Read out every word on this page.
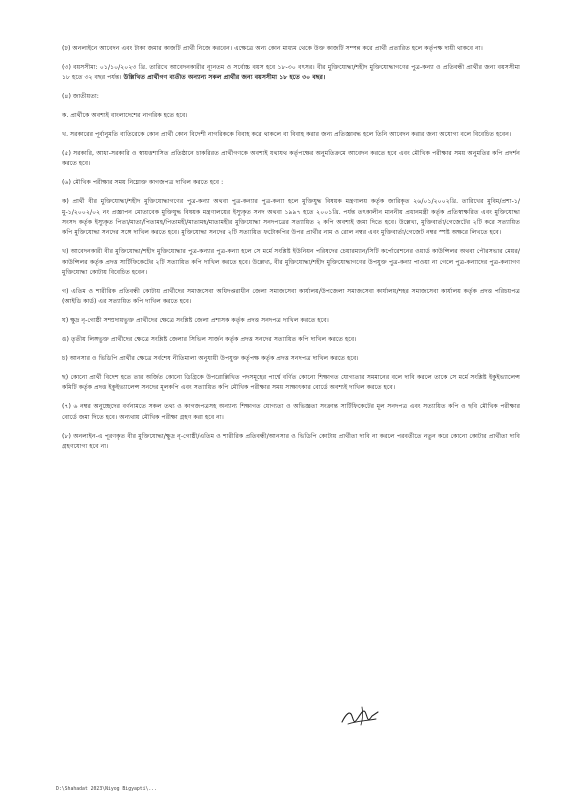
(ঢ) অনলাইনে আবেদন এবং টাকা জমার কাজটি প্রার্থী নিজে করবেন। এক্ষেত্রে অন্য কোন মাধ্যম থেকে উক্ত কাজটি সম্পন্ন করে প্রার্থী প্রতারিত হলে কর্তৃপক্ষ দায়ী থাকবে না।

(৩) বয়সসীমা: ০১/১০/২০২৩ খ্রি. তারিখে আবেদনকারীর ন্যূনতম ও সর্বোচ্চ বয়স হবে ১৮-৩০ বৎসর। বীর মুক্তিযোদ্ধা/শহীদ মুক্তিযোদ্ধাগণের পুত্র-কন্যা ও প্রতিবন্ধী প্রার্থীর জন্য বয়সসীমা ১৮ হতে ৩২ বছর পর্যন্ত। উল্লিখিত প্রার্থীগণ ব্যতীত অন্যান্য সকল প্রার্থীর জন্য বয়সসীমা ১৮ হতে ৩০ বছর।

(৪) জাতীয়তা:

ক. প্রার্থীকে অবশ্যই বাংলাদেশের নাগরিক হতে হবে।

খ. সরকারের পূর্বানুমতি ব্যতিরেকে কোন প্রার্থী কোন বিদেশী নাগরিককে বিবাহ করে থাকলে বা বিবাহ করার জন্য প্রতিজ্ঞাবদ্ধ হলে তিনি আবেদন করার জন্য অযোগ্য বলে বিবেচিত হবেন।

(৫) সরকারি, আধা-সরকারি ও স্বায়ত্তশাসিত প্রতিষ্ঠানে চাকরিরত প্রার্থীগণকে অবশ্যই যথাযথ কর্তৃপক্ষের অনুমতিক্রমে আবেদন করতে হবে এবং মৌখিক পরীক্ষার সময় অনুমতির কপি প্রদর্শন করতে হবে।

(৬) মৌখিক পরীক্ষার সময় নিম্নোক্ত কাগজপত্র দাখিল করতে হবে :

ক) প্রার্থী বীর মুক্তিযোদ্ধা/শহীদ মুক্তিযোদ্ধাগণের পুত্র-কন্যা অথবা পুত্র-কন্যার পুত্র-কন্যা হলে মুক্তিযুদ্ধ বিষয়ক মন্ত্রণালয় কর্তৃক জারিকৃত ২৬/০১/২০০২খ্রি. তারিখের মুবিম/প্রশা-১/মু-১/২০০২/০২ নং প্রজ্ঞাপন মোতাবেক মুক্তিযুদ্ধ বিষয়ক মন্ত্রণালয়ের ইস্যুকৃত সনদ অথবা ১৯৯৭ হতে ২০০১খ্রি. পর্যন্ত তৎকালীন মাননীয় প্রধানমন্ত্রী কর্তৃক প্রতিস্বাক্ষরিত এবং মুক্তিযোদ্ধা সংসদ কর্তৃক ইস্যুকৃত পিতা/মাতা/পিতামহ/পিতামহী/মাতামহ/মাতামহীর মুক্তিযোদ্ধা সনদপত্রের সত্যায়িত ২ কপি অবশ্যই জমা দিতে হবে। উল্লেখ্য, মুক্তিবার্তা/গেজেটের ২টি করে সত্যায়িত কপি মুক্তিযোদ্ধা সনদের সঙ্গে দাখিল করতে হবে। মুক্তিযোদ্ধা সনদের ২টি সত্যায়িত ফটোকপির উপর প্রার্থীর নাম ও রোল নম্বর এবং মুক্তিবার্তা/গেজেট নম্বর স্পষ্ট অক্ষরে লিখতে হবে।

খ) আবেদনকারী বীর মুক্তিযোদ্ধা/শহীদ মুক্তিযোদ্ধার পুত্র-কন্যার পুত্র-কন্যা হলে সে মর্মে সংশ্লিষ্ট ইউনিয়ন পরিষদের চেয়ারম্যান/সিটি কর্পোরেশনের ওয়ার্ড কাউন্সিলর অথবা পৌরসভার মেয়র/কাউন্সিলর কর্তৃক প্রদত্ত সার্টিফিকেটের ২টি সত্যায়িত কপি দাখিল করতে হবে। উল্লেখ্য, বীর মুক্তিযোদ্ধা/শহীদ মুক্তিযোদ্ধাগণের উপযুক্ত পুত্র-কন্যা পাওয়া না গেলে পুত্র-কন্যাদের পুত্র-কন্যাগণ মুক্তিযোদ্ধা কোটায় বিবেচিত হবেন।

গ) এতিম ও শারীরিক প্রতিবন্ধী কোটায় প্রার্থীদের সমাজসেবা অধিদপ্তরাধীন জেলা সমাজসেবা কার্যালয়/উপজেলা সমাজসেবা কার্যালয়/শহর সমাজসেবা কার্যালয় কর্তৃক প্রদত্ত পরিচয়পত্র (আইডি কার্ড) এর সত্যায়িত কপি দাখিল করতে হবে।

ঘ) ক্ষুদ্র নৃ-গোষ্ঠী সম্প্রদায়ভুক্ত প্রার্থীদের ক্ষেত্রে সংশ্লিষ্ট জেলা প্রশাসক কর্তৃক প্রদত্ত সনদপত্র দাখিল করতে হবে।

ঙ) তৃতীয় লিঙ্গভুক্ত প্রার্থীদের ক্ষেত্রে সংশ্লিষ্ট জেলার সিভিল সার্জন কর্তৃক প্রদত্ত সনদের সত্যায়িত কপি দাখিল করতে হবে।

চ) আনসার ও ভিডিপি প্রার্থীর ক্ষেত্রে সর্বশেষ নীতিমালা অনুযায়ী উপযুক্ত কর্তৃপক্ষ কর্তৃক প্রদত্ত সনদপত্র দাখিল করতে হবে।

ছ) কোনো প্রার্থী বিদেশ হতে তার অর্জিত কোনো ডিগ্রিকে উপরোল্লিখিত পদসমূহের পার্শ্বে বর্ণিত কোনো শিক্ষাগত যোগ্যতার সমমানের বলে দাবি করলে তাকে সে মর্মে সংশ্লিষ্ট ইকুইভ্যালেন্স কমিটি কর্তৃক প্রদত্ত ইকুইভ্যালেন্স সনদের মূলকপি এবং সত্যায়িত কপি মৌখিক পরীক্ষার সময় সাক্ষাৎকার বোর্ডে অবশ্যই দাখিল করতে হবে।

(৭) ৬ নম্বর অনুচ্ছেদের বর্ণনামতে সকল তথ্য ও কাগজপত্রসহ অন্যান্য শিক্ষাগত যোগ্যতা ও অভিজ্ঞতা সংক্রান্ত সার্টিফিকেটের মূল সনদপত্র এবং সত্যায়িত কপি ও ছবি মৌখিক পরীক্ষার বোর্ডে জমা দিতে হবে। অন্যথায় মৌখিক পরীক্ষা গ্রহণ করা হবে না।

(৮) অনলাইন-এ পূরণকৃত বীর মুক্তিযোদ্ধা/ক্ষুদ্র নৃ-গোষ্ঠী/এতিম ও শারীরিক প্রতিবন্ধী/আনসার ও ভিডিপি কোটায় প্রার্থীতা দাবি না করলে পরবর্তীতে নতুন করে কোনো কোটার প্রার্থীতা দাবি গ্রহণযোগ্য হবে না।

D:\Shahadat 2023\Niyog Bigyapti\...
